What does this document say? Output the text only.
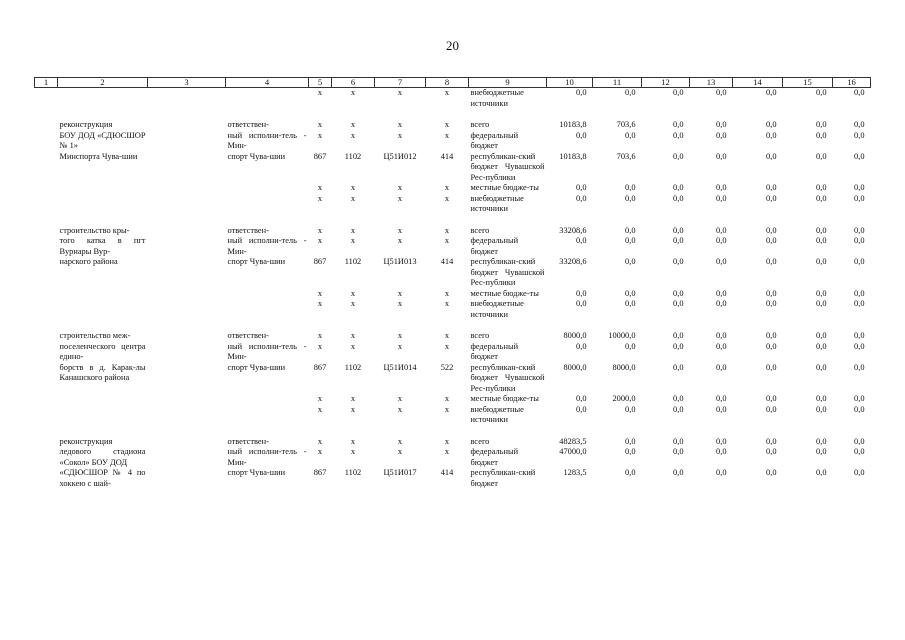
20
1	2	3	4	5	6	7	8	9	10	11	12	13	14	15	16
				х	х	х	х	внебюджетные источники	0,0	0,0	0,0	0,0	0,0	0,0	0,0

	реконструкция		ответствен-	х	х	х	х	всего	10183,8	703,6	0,0	0,0	0,0	0,0	0,0
	БОУ ДОД «СДЮСШОР № 1»		ный исполни-тель - Мин-	х	х	х	х	федеральный бюджет	0,0	0,0	0,0	0,0	0,0	0,0	0,0
	Минспорта Чува-шии		спорт Чува-шии	867	1102	Ц51И012	414	республикан-ский бюджет Чувашской Рес-публики	10183,8	703,6	0,0	0,0	0,0	0,0	0,0
				х	х	х	х	местные бюдже-ты	0,0	0,0	0,0	0,0	0,0	0,0	0,0
				х	х	х	х	внебюджетные источники	0,0	0,0	0,0	0,0	0,0	0,0	0,0

	строительство кры-		ответствен-	х	х	х	х	всего	33208,6	0,0	0,0	0,0	0,0	0,0	0,0
	того катка в пгт Вурнары Вур-		ный исполни-тель - Мин-	х	х	х	х	федеральный бюджет	0,0	0,0	0,0	0,0	0,0	0,0	0,0
	нарского района		спорт Чува-шии	867	1102	Ц51И013	414	республикан-ский бюджет Чувашской Рес-публики	33208,6	0,0	0,0	0,0	0,0	0,0	0,0
				х	х	х	х	местные бюдже-ты	0,0	0,0	0,0	0,0	0,0	0,0	0,0
				х	х	х	х	внебюджетные источники	0,0	0,0	0,0	0,0	0,0	0,0	0,0

	строительство меж-		ответствен-	х	х	х	х	всего	8000,0	10000,0	0,0	0,0	0,0	0,0	0,0
	поселенческого центра едино-		ный исполни-тель - Мин-	х	х	х	х	федеральный бюджет	0,0	0,0	0,0	0,0	0,0	0,0	0,0
	борств в д. Карак-лы Канашского района		спорт Чува-шии	867	1102	Ц51И014	522	республикан-ский бюджет Чувашской Рес-публики	8000,0	8000,0	0,0	0,0	0,0	0,0	0,0
				х	х	х	х	местные бюдже-ты	0,0	2000,0	0,0	0,0	0,0	0,0	0,0
				х	х	х	х	внебюджетные источники	0,0	0,0	0,0	0,0	0,0	0,0	0,0

	реконструкция		ответствен-	х	х	х	х	всего	48283,5	0,0	0,0	0,0	0,0	0,0	0,0
	ледового стадиона «Сокол» БОУ ДОД		ный исполни-тель - Мин-	х	х	х	х	федеральный бюджет	47000,0	0,0	0,0	0,0	0,0	0,0	0,0
	«СДЮСШОР № 4 по хоккею с шай-		спорт Чува-шии	867	1102	Ц51И017	414	республикан-ский бюджет	1283,5	0,0	0,0	0,0	0,0	0,0	0,0
